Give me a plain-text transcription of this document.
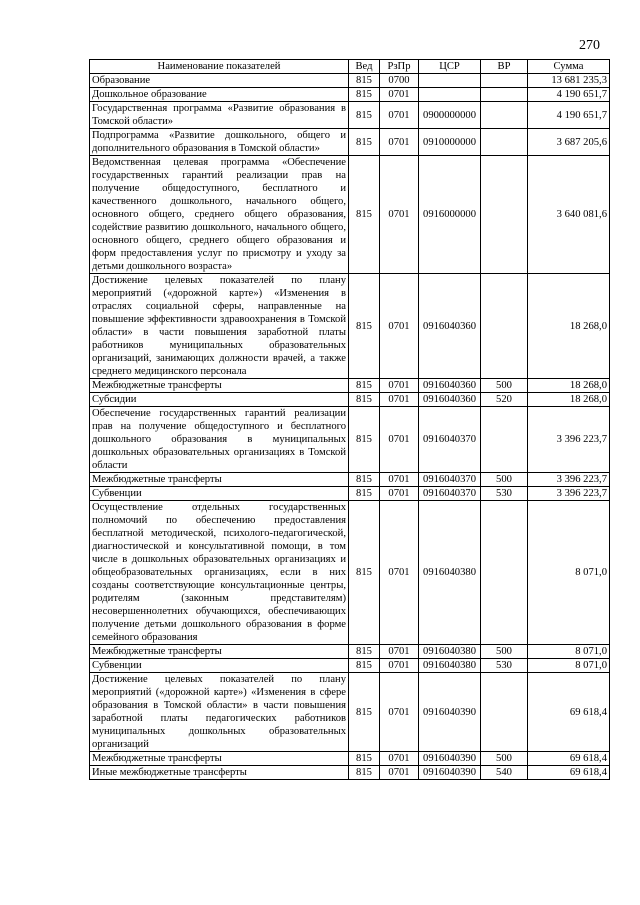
270
Наименование показателей	Вед	РзПр	ЦСР	ВР	Сумма
Образование	815	0700			13 681 235,3
Дошкольное образование	815	0701			4 190 651,7
Государственная программа «Развитие образования в Томской области»	815	0701	0900000000		4 190 651,7
Подпрограмма «Развитие дошкольного, общего и дополнительного образования в Томской области»	815	0701	0910000000		3 687 205,6
Ведомственная целевая программа «Обеспечение государственных гарантий реализации прав на получение общедоступного, бесплатного и качественного дошкольного, начального общего, основного общего, среднего общего образования, содействие развитию дошкольного, начального общего, основного общего, среднего общего образования и форм предоставления услуг по присмотру и уходу за детьми дошкольного возраста»	815	0701	0916000000		3 640 081,6
Достижение целевых показателей по плану мероприятий («дорожной карте») «Изменения в отраслях социальной сферы, направленные на повышение эффективности здравоохранения в Томской области» в части повышения заработной платы работников муниципальных образовательных организаций, занимающих должности врачей, а также среднего медицинского персонала	815	0701	0916040360		18 268,0
Межбюджетные трансферты	815	0701	0916040360	500	18 268,0
Субсидии	815	0701	0916040360	520	18 268,0
Обеспечение государственных гарантий реализации прав на получение общедоступного и бесплатного дошкольного образования в муниципальных дошкольных образовательных организациях в Томской области	815	0701	0916040370		3 396 223,7
Межбюджетные трансферты	815	0701	0916040370	500	3 396 223,7
Субвенции	815	0701	0916040370	530	3 396 223,7
Осуществление отдельных государственных полномочий по обеспечению предоставления бесплатной методической, психолого-педагогической, диагностической и консультативной помощи, в том числе в дошкольных образовательных организациях и общеобразовательных организациях, если в них созданы соответствующие консультационные центры, родителям (законным представителям) несовершеннолетних обучающихся, обеспечивающих получение детьми дошкольного образования в форме семейного образования	815	0701	0916040380		8 071,0
Межбюджетные трансферты	815	0701	0916040380	500	8 071,0
Субвенции	815	0701	0916040380	530	8 071,0
Достижение целевых показателей по плану мероприятий («дорожной карте») «Изменения в сфере образования в Томской области» в части повышения заработной платы педагогических работников муниципальных дошкольных образовательных организаций	815	0701	0916040390		69 618,4
Межбюджетные трансферты	815	0701	0916040390	500	69 618,4
Иные межбюджетные трансферты	815	0701	0916040390	540	69 618,4
